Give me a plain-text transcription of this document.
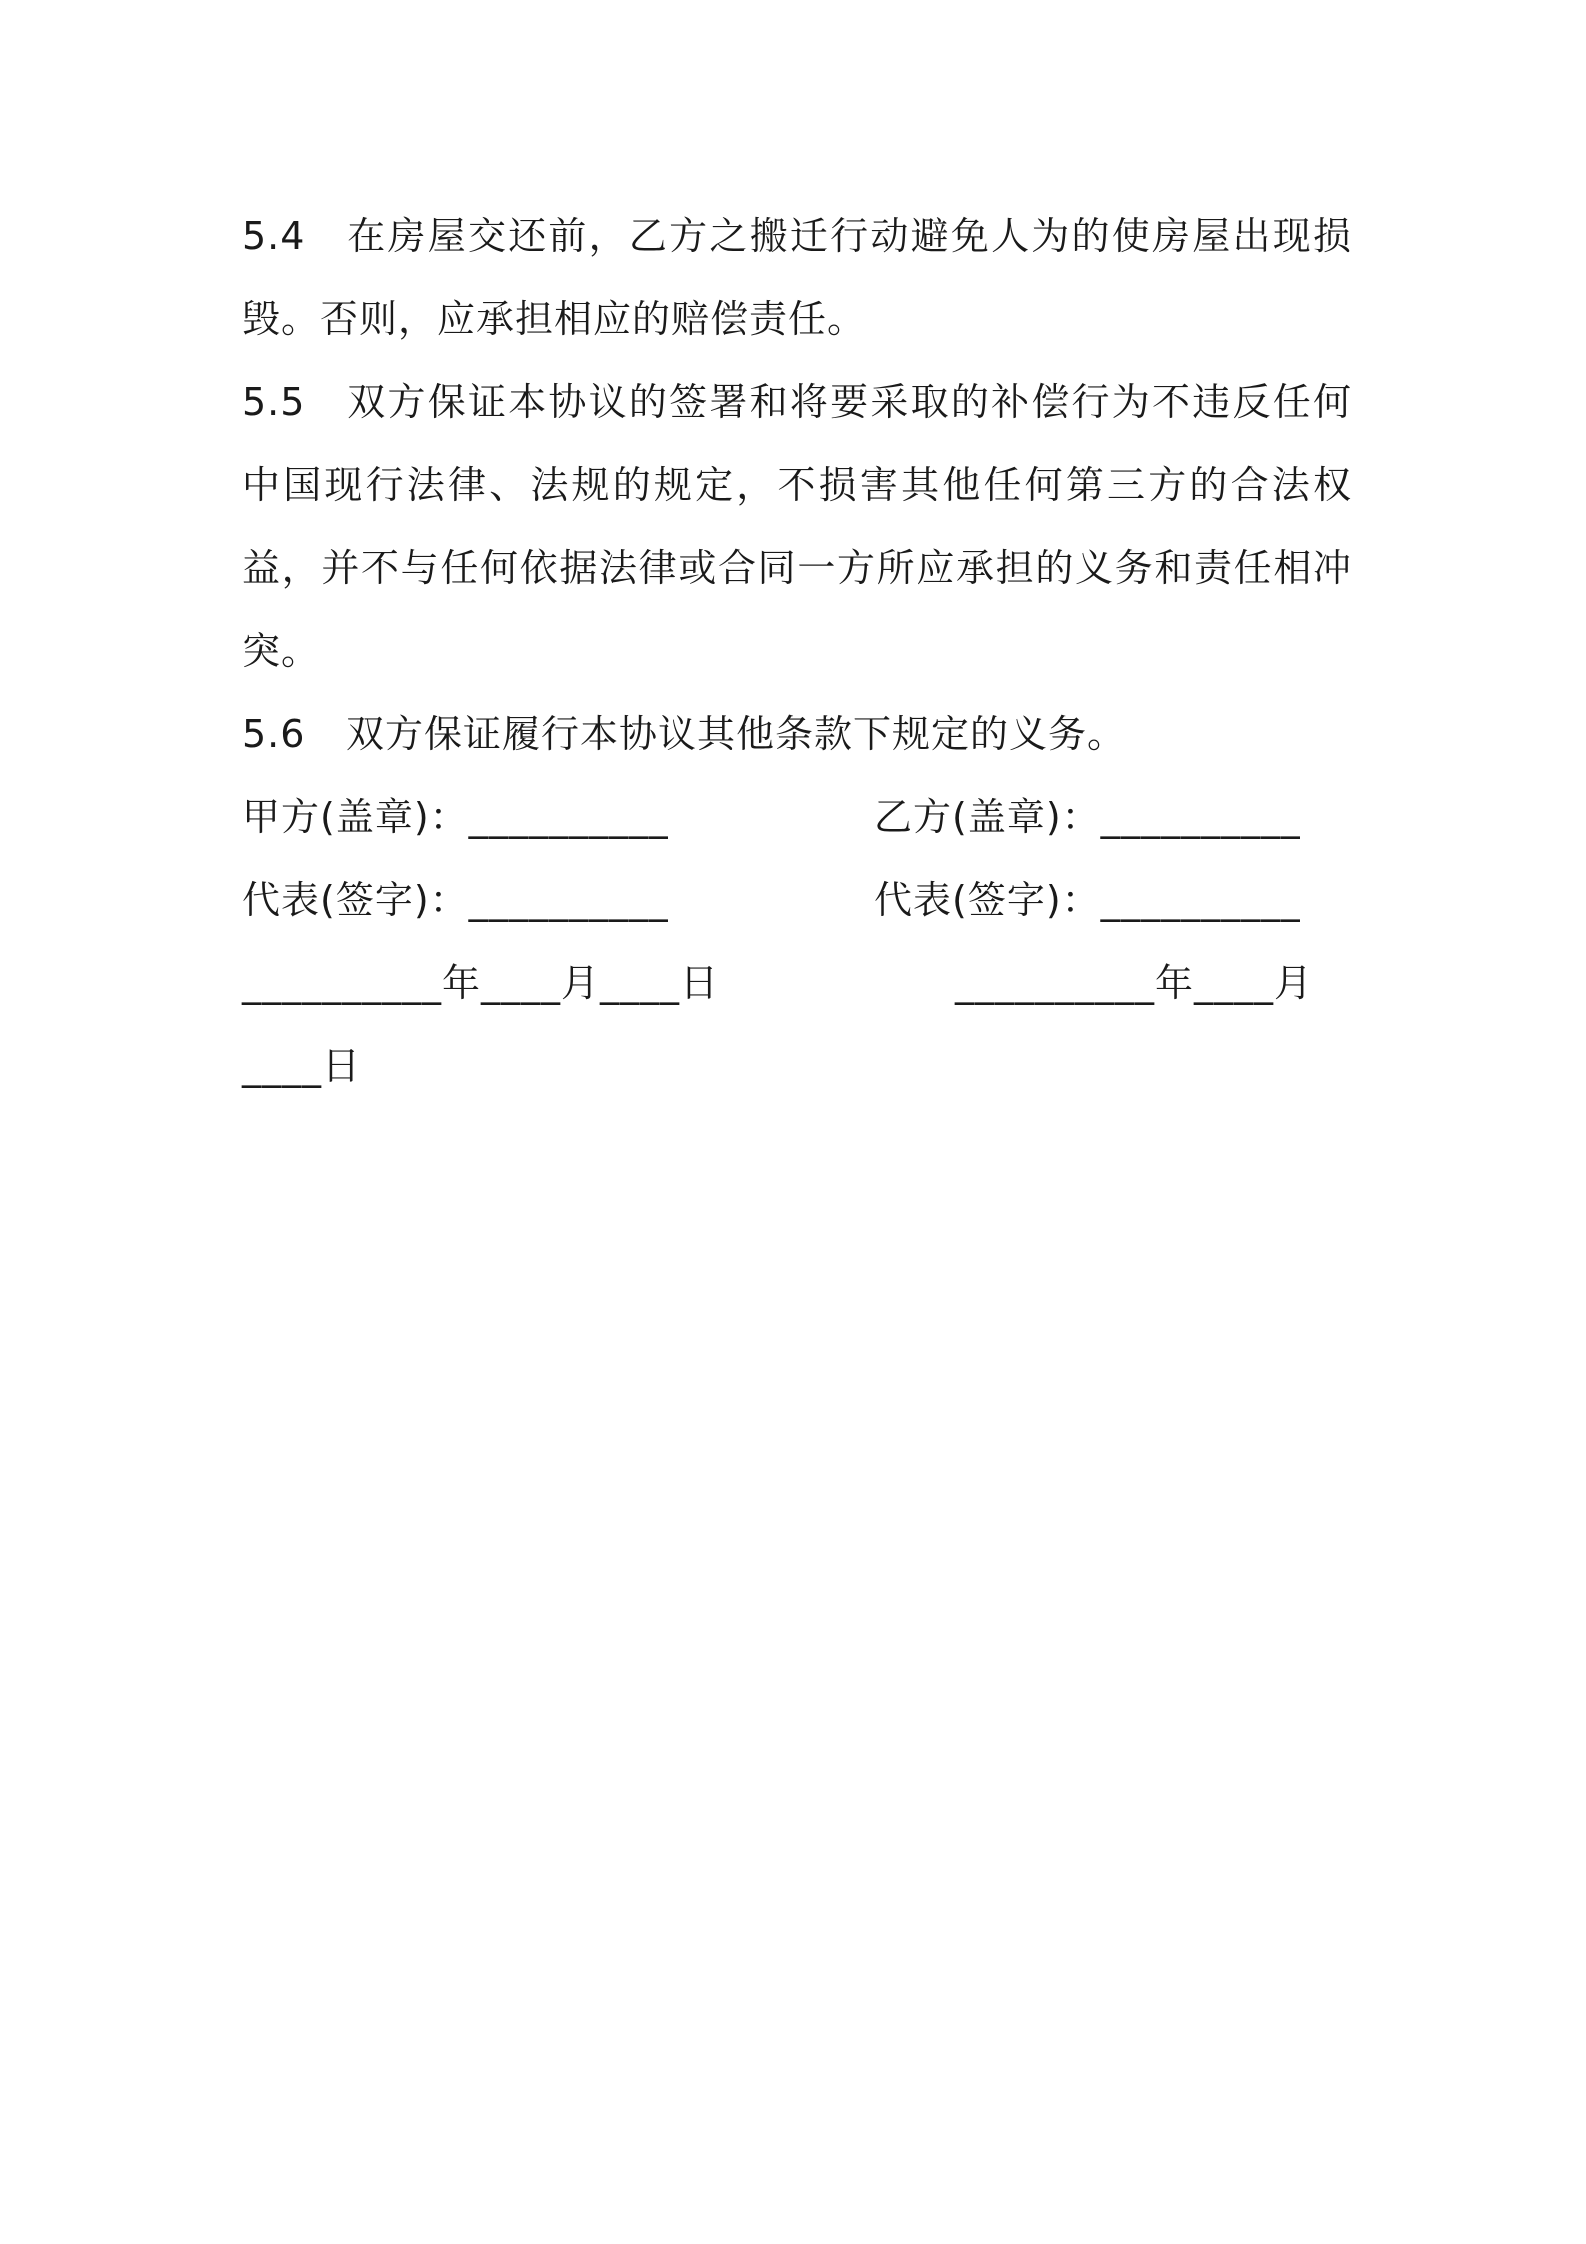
5.4 在房屋交还前，乙方之搬迁行动避免人为的使房屋出现损毁。否则，应承担相应的赔偿责任。

5.5 双方保证本协议的签署和将要采取的补偿行为不违反任何中国现行法律、法规的规定，不损害其他任何第三方的合法权益，并不与任何依据法律或合同一方所应承担的义务和责任相冲突。

5.6 双方保证履行本协议其他条款下规定的义务。

甲方(盖章)：__________	乙方(盖章)：__________
代表(签字)：__________	代表(签字)：__________
__________年____月____日	__________年____月
____日
